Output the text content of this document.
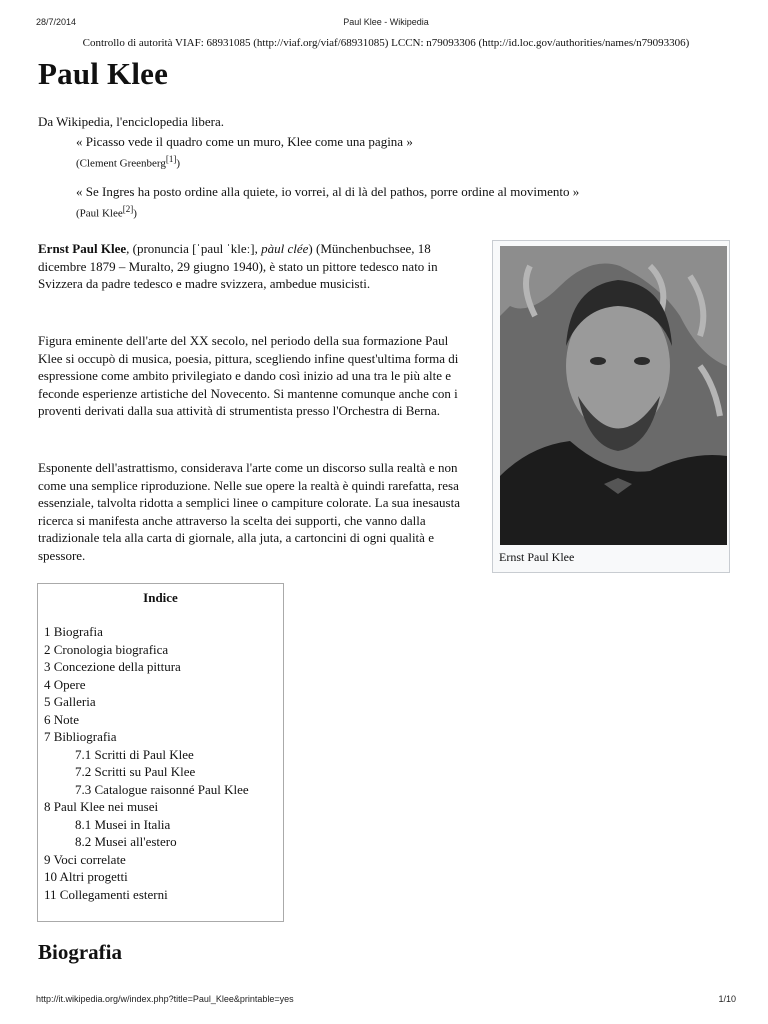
28/7/2014	Paul Klee - Wikipedia
Controllo di autorità VIAF: 68931085 (http://viaf.org/viaf/68931085) LCCN: n79093306 (http://id.loc.gov/authorities/names/n79093306)
Paul Klee
Da Wikipedia, l'enciclopedia libera.
« Picasso vede il quadro come un muro, Klee come una pagina »
(Clement Greenberg[1])
« Se Ingres ha posto ordine alla quiete, io vorrei, al di là del pathos, porre ordine al movimento »
(Paul Klee[2])

Ernst Paul Klee, (pronuncia [ˈpaul ˈkleː], pàul clée) (Münchenbuchsee, 18 dicembre 1879 – Muralto, 29 giugno 1940), è stato un pittore tedesco nato in Svizzera da padre tedesco e madre svizzera, ambedue musicisti.

Figura eminente dell'arte del XX secolo, nel periodo della sua formazione Paul Klee si occupò di musica, poesia, pittura, scegliendo infine quest'ultima forma di espressione come ambito privilegiato e dando così inizio ad una tra le più alte e feconde esperienze artistiche del Novecento. Si mantenne comunque anche con i proventi derivati dalla sua attività di strumentista presso l'Orchestra di Berna.

Esponente dell'astrattismo, considerava l'arte come un discorso sulla realtà e non come una semplice riproduzione. Nelle sue opere la realtà è quindi rarefatta, resa essenziale, talvolta ridotta a semplici linee o campiture colorate. La sua inesausta ricerca si manifesta anche attraverso la scelta dei supporti, che vanno dalla tradizionale tela alla carta di giornale, alla juta, a cartoncini di ogni qualità e spessore.	Ernst Paul Klee
Indice
1 Biografia
2 Cronologia biografica
3 Concezione della pittura
4 Opere
5 Galleria
6 Note
7 Bibliografia
7.1 Scritti di Paul Klee
7.2 Scritti su Paul Klee
7.3 Catalogue raisonné Paul Klee
8 Paul Klee nei musei
8.1 Musei in Italia
8.2 Musei all'estero
9 Voci correlate
10 Altri progetti
11 Collegamenti esterni
Biografia
http://it.wikipedia.org/w/index.php?title=Paul_Klee&printable=yes	1/10
